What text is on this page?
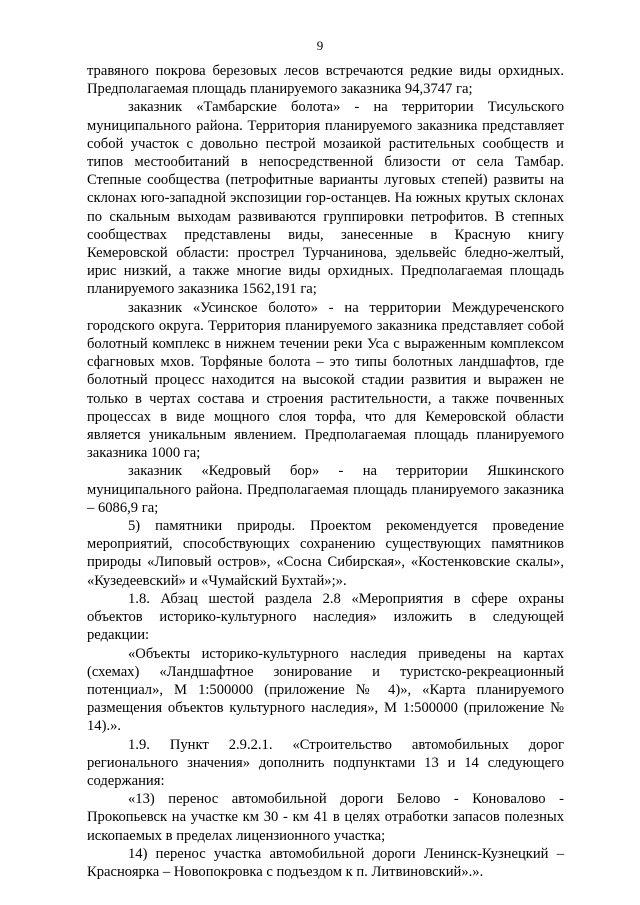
9

травяного покрова березовых лесов встречаются редкие виды орхидных. Предполагаемая площадь планируемого заказника 94,3747 га;

заказник «Тамбарские болота» - на территории Тисульского муниципального района. Территория планируемого заказника представляет собой участок с довольно пестрой мозаикой растительных сообществ и типов местообитаний в непосредственной близости от села Тамбар. Степные сообщества (петрофитные варианты луговых степей) развиты на склонах юго-западной экспозиции гор-останцев. На южных крутых склонах по скальным выходам развиваются группировки петрофитов. В степных сообществах представлены виды, занесенные в Красную книгу Кемеровской области: прострел Турчанинова, эдельвейс бледно-желтый, ирис низкий, а также многие виды орхидных. Предполагаемая площадь планируемого заказника 1562,191 га;

заказник «Усинское болото» - на территории Междуреченского городского округа. Территория планируемого заказника представляет собой болотный комплекс в нижнем течении реки Уса с выраженным комплексом сфагновых мхов. Торфяные болота – это типы болотных ландшафтов, где болотный процесс находится на высокой стадии развития и выражен не только в чертах состава и строения растительности, а также почвенных процессах в виде мощного слоя торфа, что для Кемеровской области является уникальным явлением. Предполагаемая площадь планируемого заказника 1000 га;

заказник «Кедровый бор» - на территории Яшкинского муниципального района. Предполагаемая площадь планируемого заказника – 6086,9 га;

5) памятники природы. Проектом рекомендуется проведение мероприятий, способствующих сохранению существующих памятников природы «Липовый остров», «Сосна Сибирская», «Костенковские скалы», «Кузедеевский» и «Чумайский Бухтай»;».

1.8. Абзац шестой раздела 2.8 «Мероприятия в сфере охраны объектов историко-культурного наследия» изложить в следующей редакции:

«Объекты историко-культурного наследия приведены на картах (схемах) «Ландшафтное зонирование и туристско-рекреационный потенциал», М 1:500000 (приложение № 4)», «Карта планируемого размещения объектов культурного наследия», М 1:500000 (приложение № 14).».

1.9. Пункт 2.9.2.1. «Строительство автомобильных дорог регионального значения» дополнить подпунктами 13 и 14 следующего содержания:

«13) перенос автомобильной дороги Белово - Коновалово - Прокопьевск на участке км 30 - км 41 в целях отработки запасов полезных ископаемых в пределах лицензионного участка;

14) перенос участка автомобильной дороги Ленинск-Кузнецкий – Красноярка – Новопокровка с подъездом к п. Литвиновский».».
